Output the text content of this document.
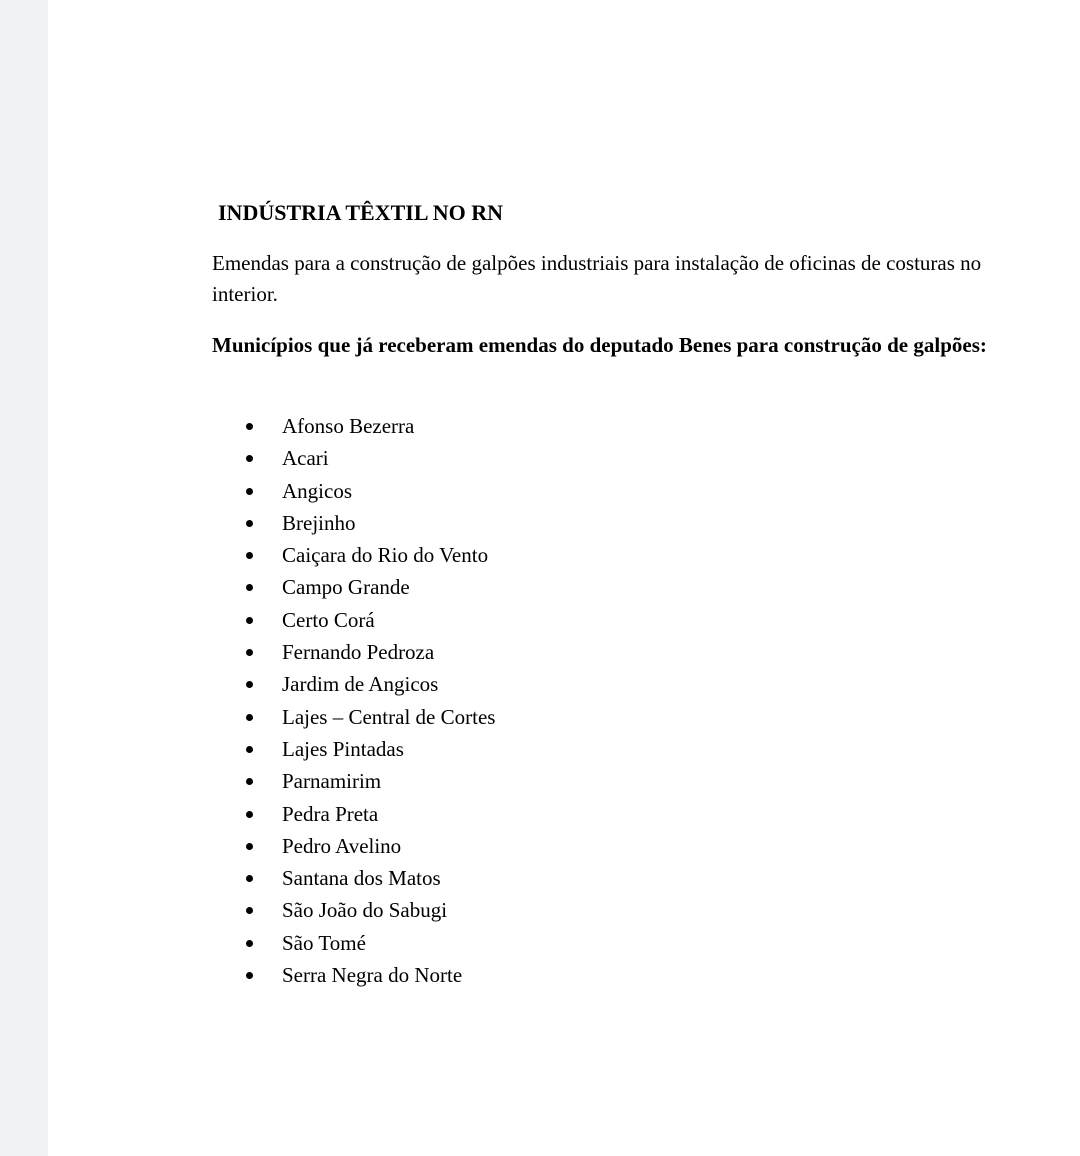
INDÚSTRIA TÊXTIL NO RN

Emendas para a construção de galpões industriais para instalação de oficinas de costuras no interior.

Municípios que já receberam emendas do deputado Benes para construção de galpões:

Afonso Bezerra
Acari
Angicos
Brejinho
Caiçara do Rio do Vento
Campo Grande
Certo Corá
Fernando Pedroza
Jardim de Angicos
Lajes – Central de Cortes
Lajes Pintadas
Parnamirim
Pedra Preta
Pedro Avelino
Santana dos Matos
São João do Sabugi
São Tomé
Serra Negra do Norte
